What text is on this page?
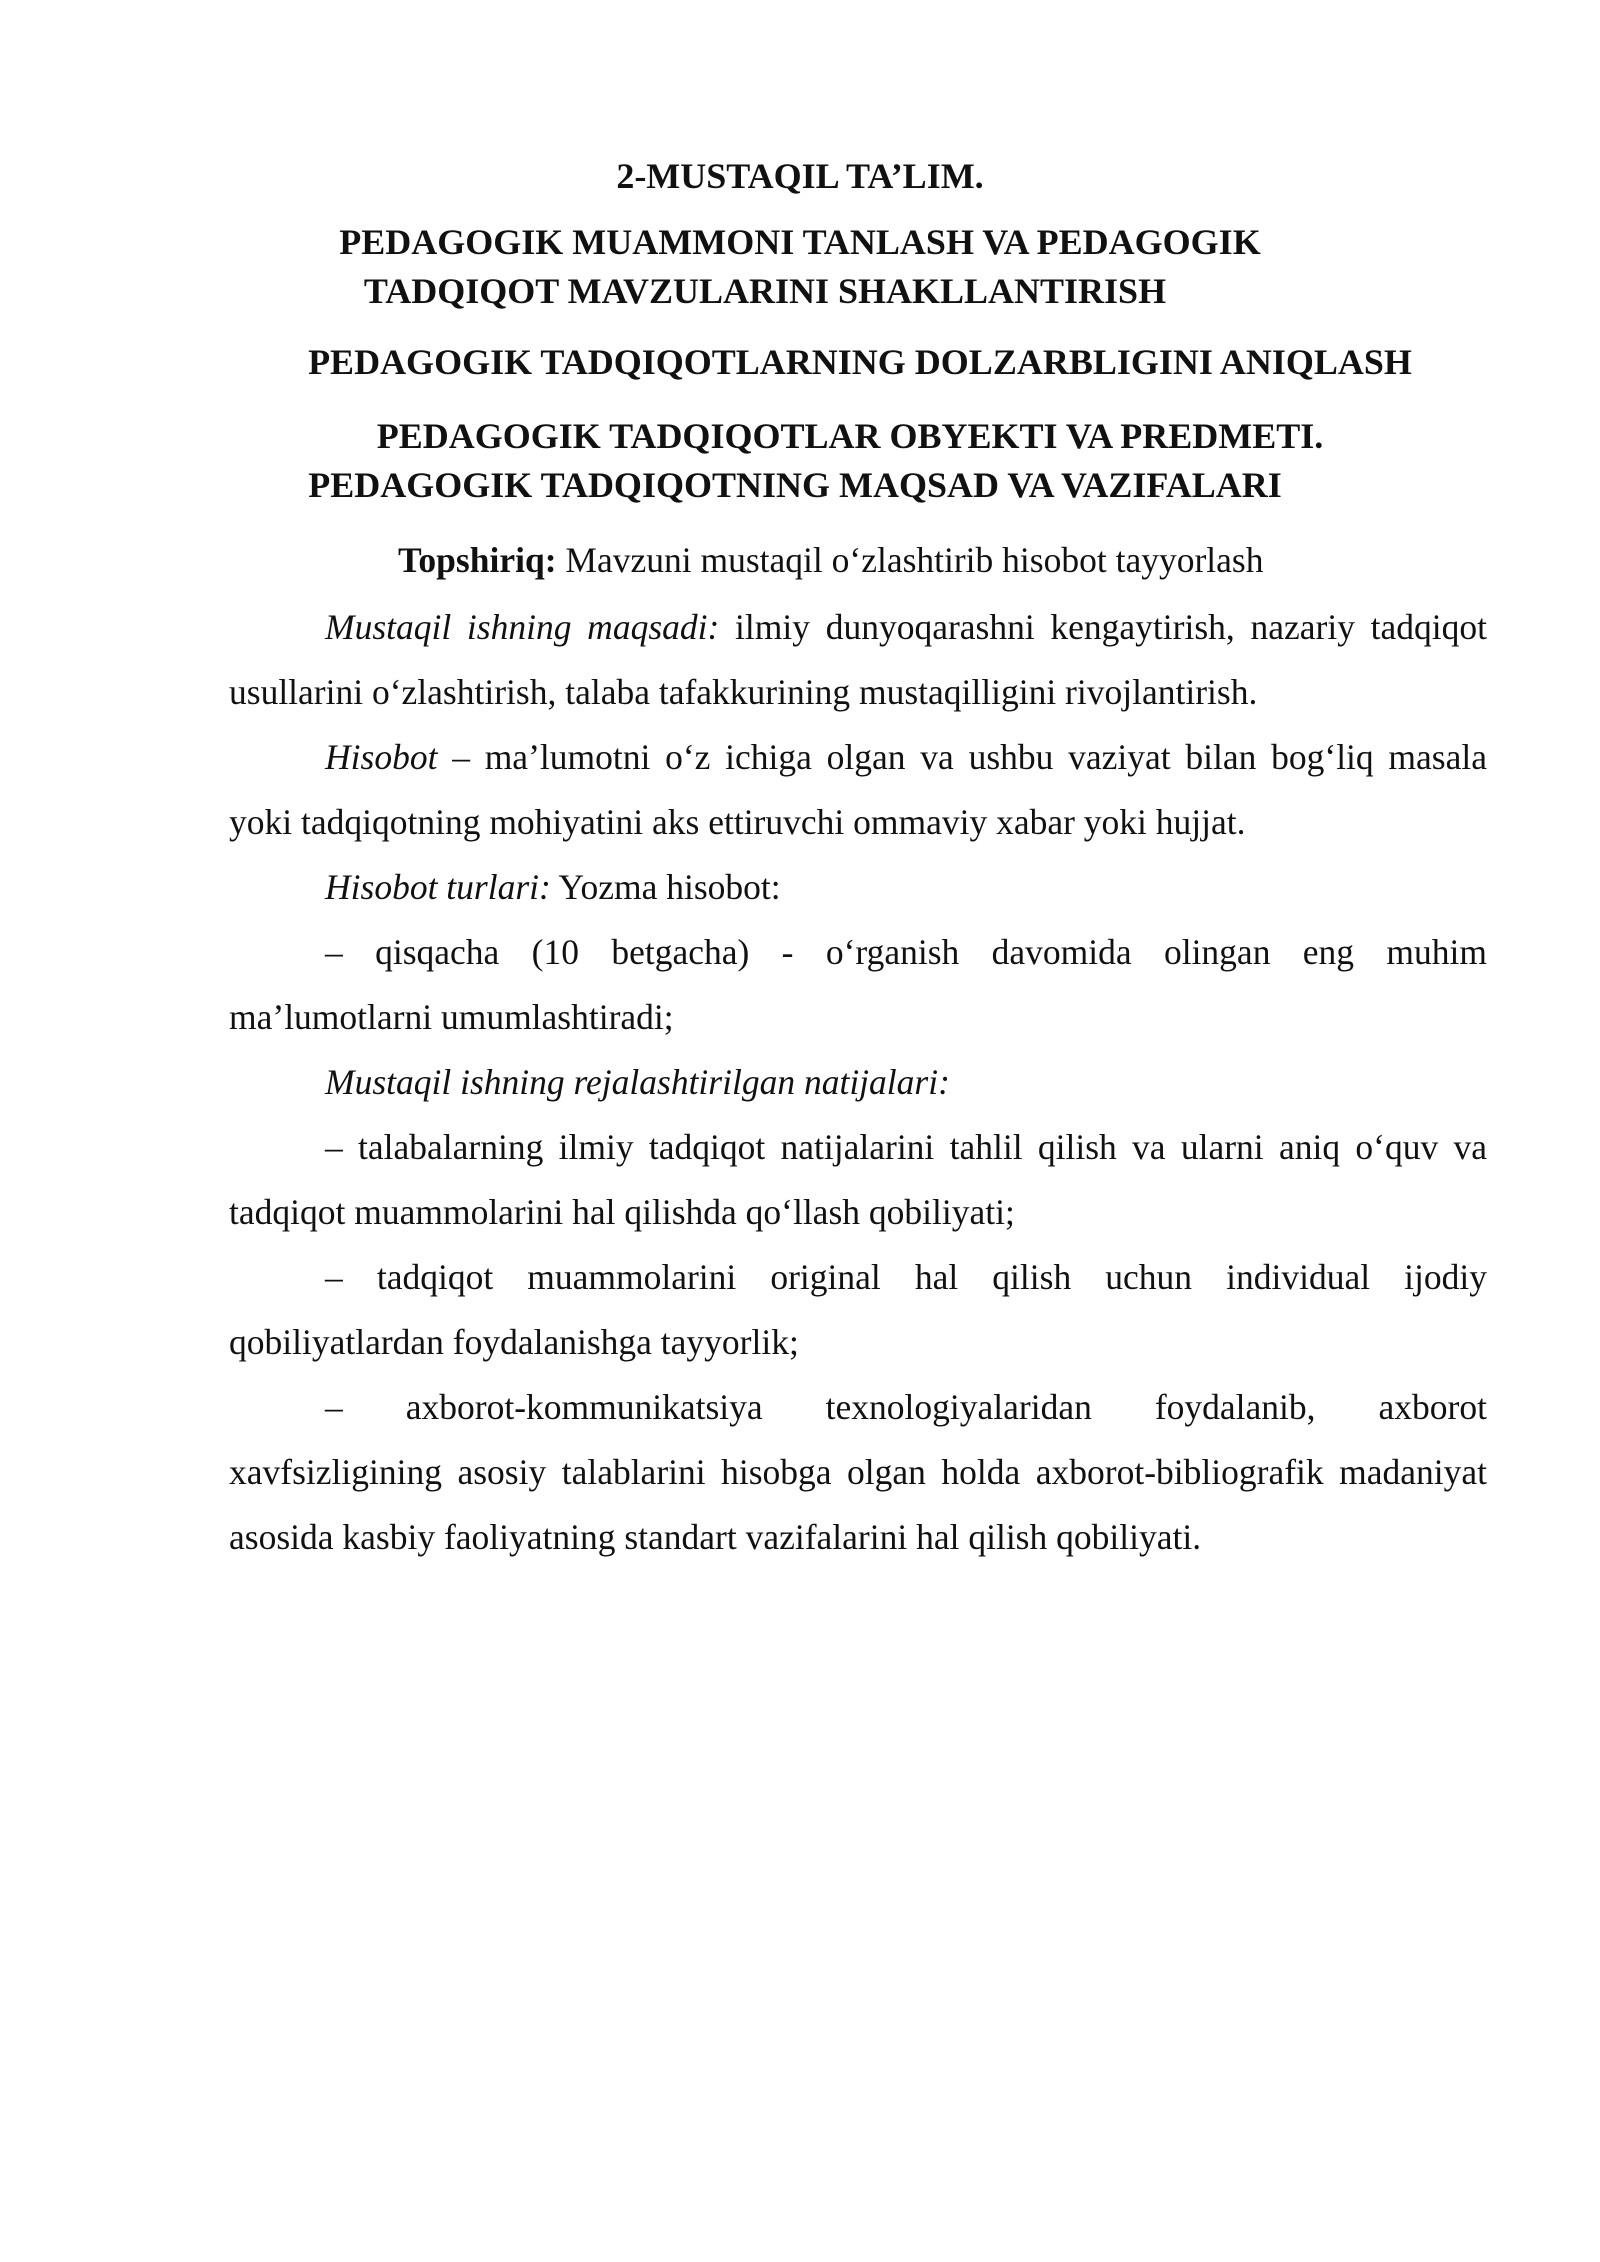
2-MUSTAQIL TA’LIM.
PEDAGOGIK MUAMMONI TANLASH VA PEDAGOGIK
TADQIQOT MAVZULARINI SHAKLLANTIRISH
PEDAGOGIK TADQIQOTLARNING DOLZARBLIGINI ANIQLASH
PEDAGOGIK TADQIQOTLAR OBYEKTI VA PREDMETI.
PEDAGOGIK TADQIQOTNING MAQSAD VA VAZIFALARI
Topshiriq: Mavzuni mustaqil o‘zlashtirib hisobot tayyorlash

Mustaqil ishning maqsadi: ilmiy dunyoqarashni kengaytirish, nazariy tadqiqot usullarini o‘zlashtirish, talaba tafakkurining mustaqilligini rivojlantirish.

Hisobot – ma’lumotni o‘z ichiga olgan va ushbu vaziyat bilan bog‘liq masala yoki tadqiqotning mohiyatini aks ettiruvchi ommaviy xabar yoki hujjat.

Hisobot turlari: Yozma hisobot:

– qisqacha (10 betgacha) - o‘rganish davomida olingan eng muhim ma’lumotlarni umumlashtiradi;

Mustaqil ishning rejalashtirilgan natijalari:

– talabalarning ilmiy tadqiqot natijalarini tahlil qilish va ularni aniq o‘quv va tadqiqot muammolarini hal qilishda qo‘llash qobiliyati;

– tadqiqot muammolarini original hal qilish uchun individual ijodiy qobiliyatlardan foydalanishga tayyorlik;

– axborot-kommunikatsiya texnologiyalaridan foydalanib, axborot xavfsizligining asosiy talablarini hisobga olgan holda axborot-bibliografik madaniyat asosida kasbiy faoliyatning standart vazifalarini hal qilish qobiliyati.
